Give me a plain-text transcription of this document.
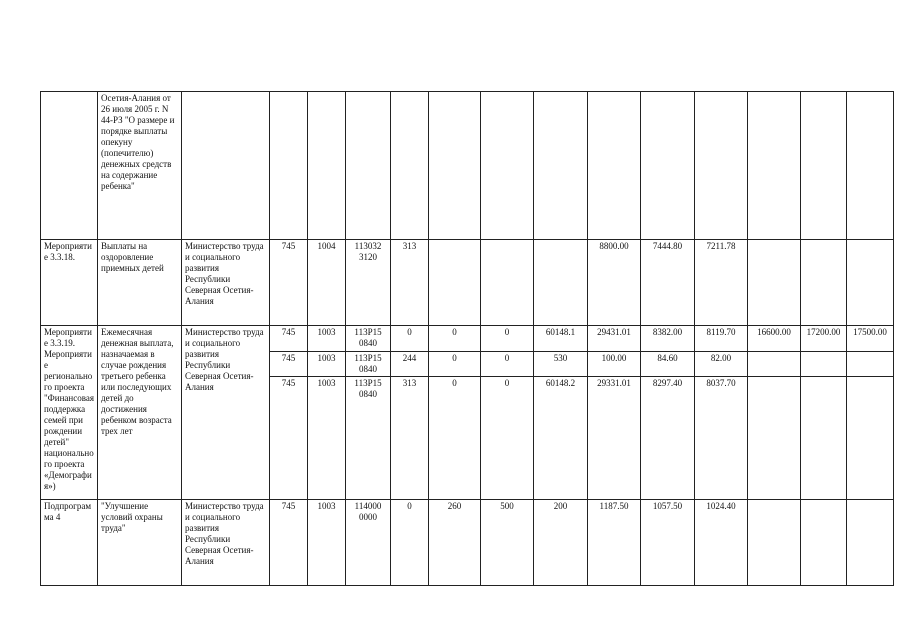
	Осетия-Алания от 26 июля 2005 г. N 44-РЗ "О размере и порядке выплаты опекуну (попечителю) денежных средств на содержание ребенка"														
Мероприятие 3.3.18.	Выплаты на оздоровление приемных детей	Министерство труда и социального развития Республики Северная Осетия-Алания	745	1004	113032 3120	313				8800.00	7444.80	7211.78			
Мероприятие 3.3.19. Мероприятие регионального проекта "Финансовая поддержка семей при рождении детей" национального проекта «Демография»)	Ежемесячная денежная выплата, назначаемая в случае рождения третьего ребенка или последующих детей до достижения ребенком возраста трех лет	Министерство труда и социального развития Республики Северная Осетия-Алания	745	1003	113P15 0840	0	0	0	60148.1	29431.01	8382.00	8119.70	16600.00	17200.00	17500.00
			745	1003	113P15 0840	244	0	0	530	100.00	84.60	82.00			
			745	1003	113P15 0840	313	0	0	60148.2	29331.01	8297.40	8037.70			
Подпрограмма 4	"Улучшение условий охраны труда"	Министерство труда и социального развития Республики Северная Осетия-Алания	745	1003	114000 0000	0	260	500	200	1187.50	1057.50	1024.40			
